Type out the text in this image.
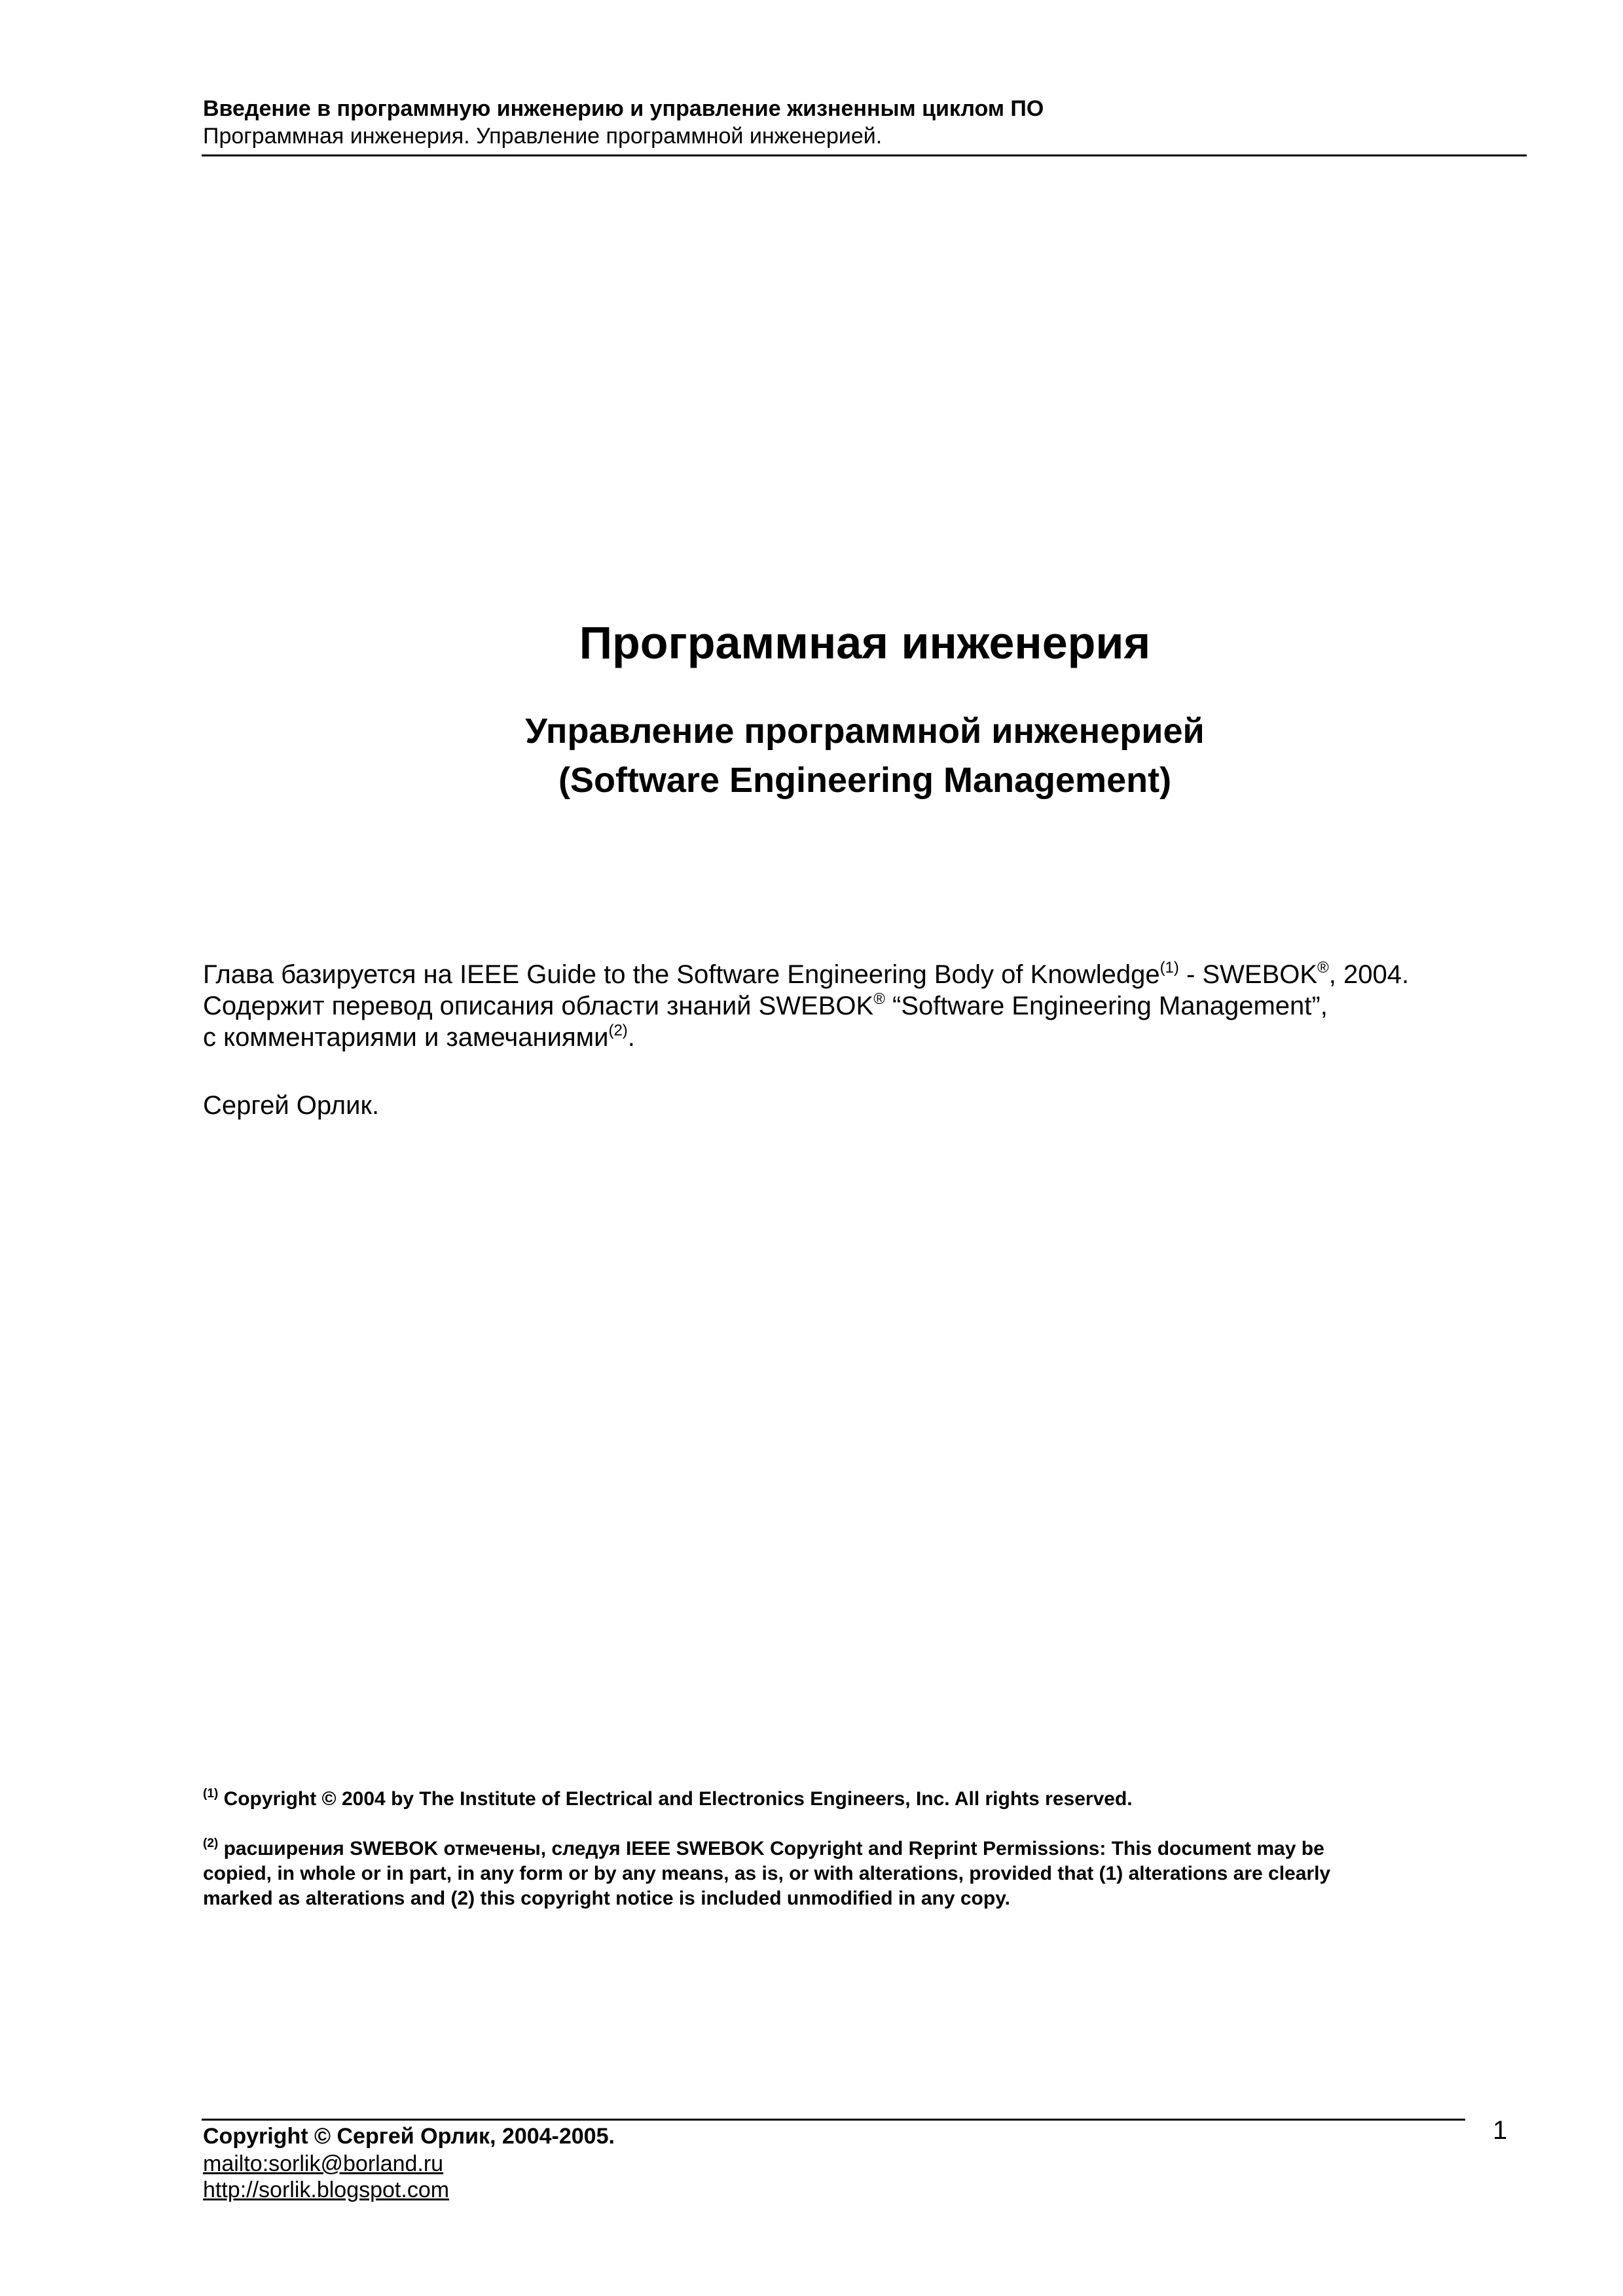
Введение в программную инженерию и управление жизненным циклом ПО
Программная инженерия. Управление программной инженерией.
Программная инженерия
Управление программной инженерией
(Software Engineering Management)
Глава базируется на IEEE Guide to the Software Engineering Body of Knowledge$^{(1)}$ - SWEBOK®, 2004.
Содержит перевод описания области знаний SWEBOK® “Software Engineering Management”,
с комментариями и замечаниями$^{(2)}$.
Сергей Орлик.
$^{(1)}$ Copyright © 2004 by The Institute of Electrical and Electronics Engineers, Inc. All rights reserved.
$^{(2)}$ расширения SWEBOK отмечены, следуя IEEE SWEBOK Copyright and Reprint Permissions: This document may be
copied, in whole or in part, in any form or by any means, as is, or with alterations, provided that (1) alterations are clearly
marked as alterations and (2) this copyright notice is included unmodified in any copy.
Copyright © Сергей Орлик, 2004-2005.
mailto:sorlik@borland.ru
http://sorlik.blogspot.com
1
